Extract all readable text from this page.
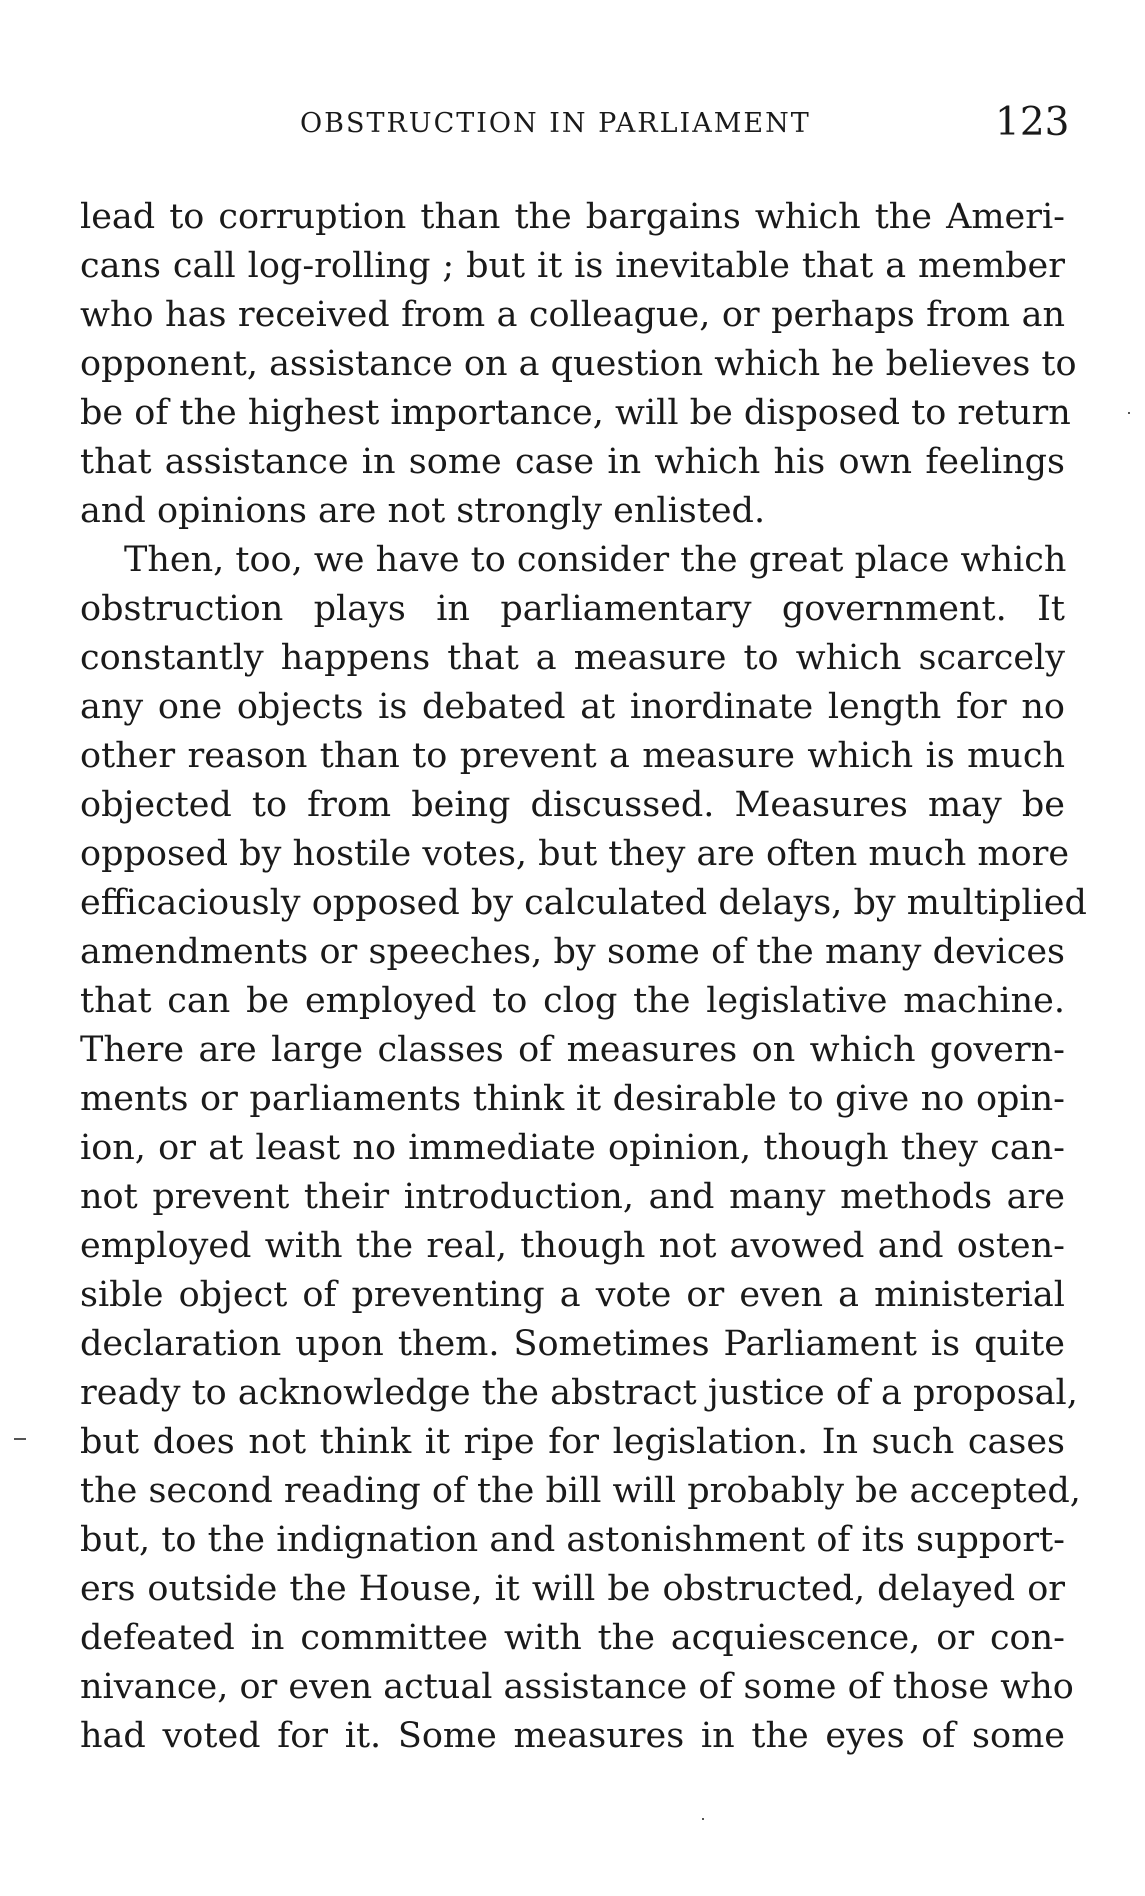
OBSTRUCTION IN PARLIAMENT	123
lead to corruption than the bargains which the Ameri-
cans call log-rolling ; but it is inevitable that a member
who has received from a colleague, or perhaps from an
opponent, assistance on a question which he believes to
be of the highest importance, will be disposed to return
that assistance in some case in which his own feelings
and opinions are not strongly enlisted.
Then, too, we have to consider the great place which
obstruction plays in parliamentary government. It
constantly happens that a measure to which scarcely
any one objects is debated at inordinate length for no
other reason than to prevent a measure which is much
objected to from being discussed. Measures may be
opposed by hostile votes, but they are often much more
efficaciously opposed by calculated delays, by multiplied
amendments or speeches, by some of the many devices
that can be employed to clog the legislative machine.
There are large classes of measures on which govern-
ments or parliaments think it desirable to give no opin-
ion, or at least no immediate opinion, though they can-
not prevent their introduction, and many methods are
employed with the real, though not avowed and osten-
sible object of preventing a vote or even a ministerial
declaration upon them. Sometimes Parliament is quite
ready to acknowledge the abstract justice of a proposal,
but does not think it ripe for legislation. In such cases
the second reading of the bill will probably be accepted,
but, to the indignation and astonishment of its support-
ers outside the House, it will be obstructed, delayed or
defeated in committee with the acquiescence, or con-
nivance, or even actual assistance of some of those who
had voted for it. Some measures in the eyes of some
